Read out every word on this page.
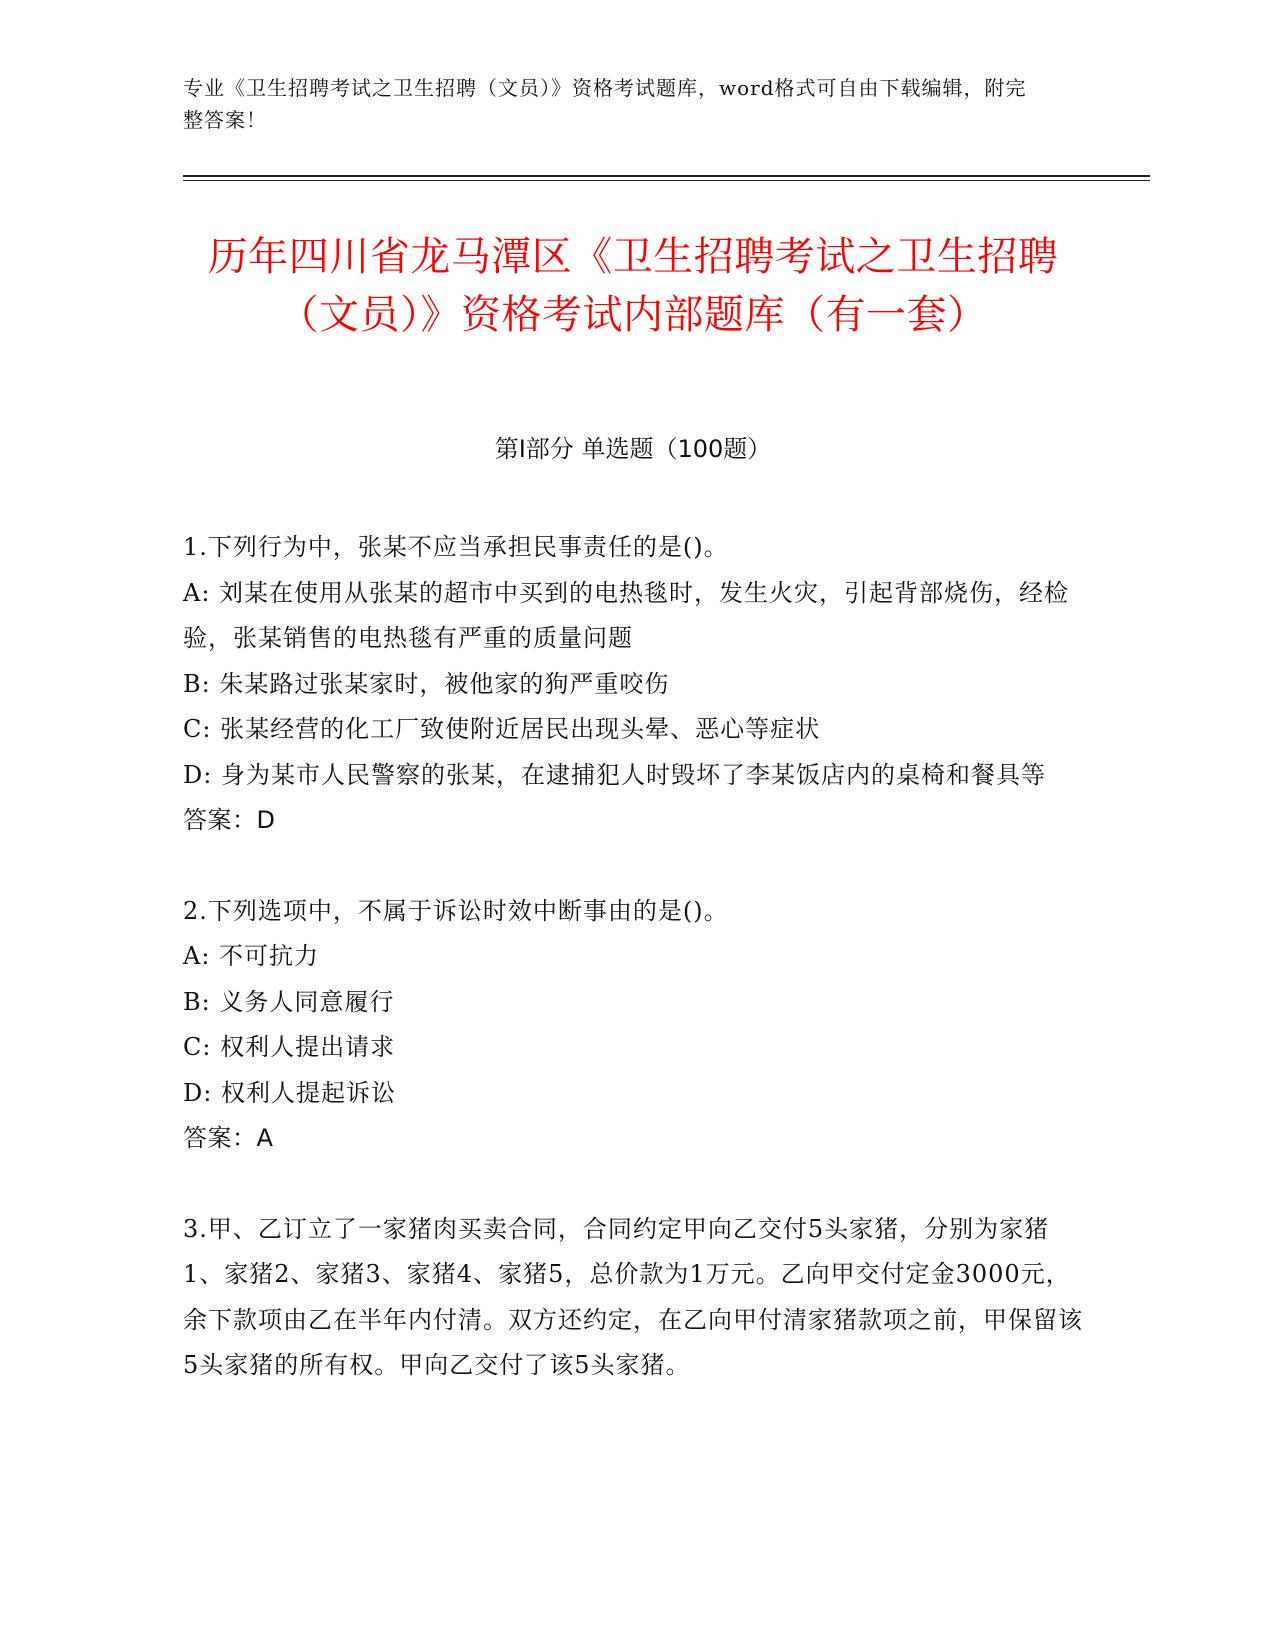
专业《卫生招聘考试之卫生招聘（文员）》资格考试题库，word格式可自由下载编辑，附完整答案！
历年四川省龙马潭区《卫生招聘考试之卫生招聘（文员）》资格考试内部题库（有一套）
第I部分 单选题（100题）

1.下列行为中，张某不应当承担民事责任的是()。

A: 刘某在使用从张某的超市中买到的电热毯时，发生火灾，引起背部烧伤，经检验，张某销售的电热毯有严重的质量问题

B: 朱某路过张某家时，被他家的狗严重咬伤

C: 张某经营的化工厂致使附近居民出现头晕、恶心等症状

D: 身为某市人民警察的张某，在逮捕犯人时毁坏了李某饭店内的桌椅和餐具等

答案：D

2.下列选项中，不属于诉讼时效中断事由的是()。

A: 不可抗力

B: 义务人同意履行

C: 权利人提出请求

D: 权利人提起诉讼

答案：A

3.甲、乙订立了一家猪肉买卖合同，合同约定甲向乙交付5头家猪，分别为家猪1、家猪2、家猪3、家猪4、家猪5，总价款为1万元。乙向甲交付定金3000元，余下款项由乙在半年内付清。双方还约定，在乙向甲付清家猪款项之前，甲保留该5头家猪的所有权。甲向乙交付了该5头家猪。
